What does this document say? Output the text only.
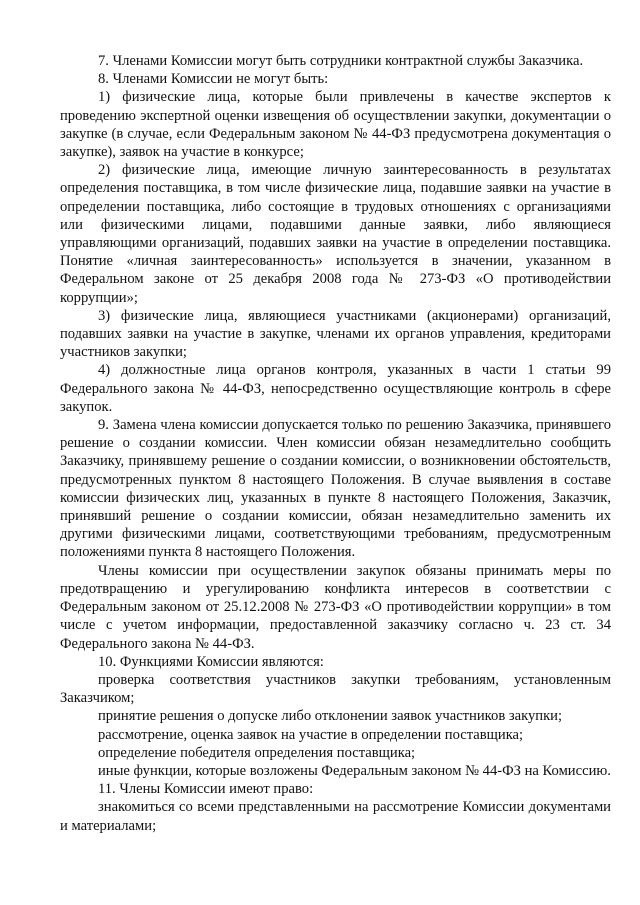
7. Членами Комиссии могут быть сотрудники контрактной службы Заказчика.

8. Членами Комиссии не могут быть:

1) физические лица, которые были привлечены в качестве экспертов к проведению экспертной оценки извещения об осуществлении закупки, документации о закупке (в случае, если Федеральным законом № 44-ФЗ предусмотрена документация о закупке), заявок на участие в конкурсе;

2) физические лица, имеющие личную заинтересованность в результатах определения поставщика, в том числе физические лица, подавшие заявки на участие в определении поставщика, либо состоящие в трудовых отношениях с организациями или физическими лицами, подавшими данные заявки, либо являющиеся управляющими организаций, подавших заявки на участие в определении поставщика. Понятие «личная заинтересованность» используется в значении, указанном в Федеральном законе от 25 декабря 2008 года № 273-ФЗ «О противодействии коррупции»;

3) физические лица, являющиеся участниками (акционерами) организаций, подавших заявки на участие в закупке, членами их органов управления, кредиторами участников закупки;

4) должностные лица органов контроля, указанных в части 1 статьи 99 Федерального закона № 44-ФЗ, непосредственно осуществляющие контроль в сфере закупок.

9. Замена члена комиссии допускается только по решению Заказчика, принявшего решение о создании комиссии. Член комиссии обязан незамедлительно сообщить Заказчику, принявшему решение о создании комиссии, о возникновении обстоятельств, предусмотренных пунктом 8 настоящего Положения. В случае выявления в составе комиссии физических лиц, указанных в пункте 8 настоящего Положения, Заказчик, принявший решение о создании комиссии, обязан незамедлительно заменить их другими физическими лицами, соответствующими требованиям, предусмотренным положениями пункта 8 настоящего Положения.

Члены комиссии при осуществлении закупок обязаны принимать меры по предотвращению и урегулированию конфликта интересов в соответствии с Федеральным законом от 25.12.2008 № 273-ФЗ «О противодействии коррупции» в том числе с учетом информации, предоставленной заказчику согласно ч. 23 ст. 34 Федерального закона № 44-ФЗ.

10. Функциями Комиссии являются:

проверка соответствия участников закупки требованиям, установленным Заказчиком;

принятие решения о допуске либо отклонении заявок участников закупки;

рассмотрение, оценка заявок на участие в определении поставщика;

определение победителя определения поставщика;

иные функции, которые возложены Федеральным законом № 44-ФЗ на Комиссию.

11. Члены Комиссии имеют право:

знакомиться со всеми представленными на рассмотрение Комиссии документами и материалами;
